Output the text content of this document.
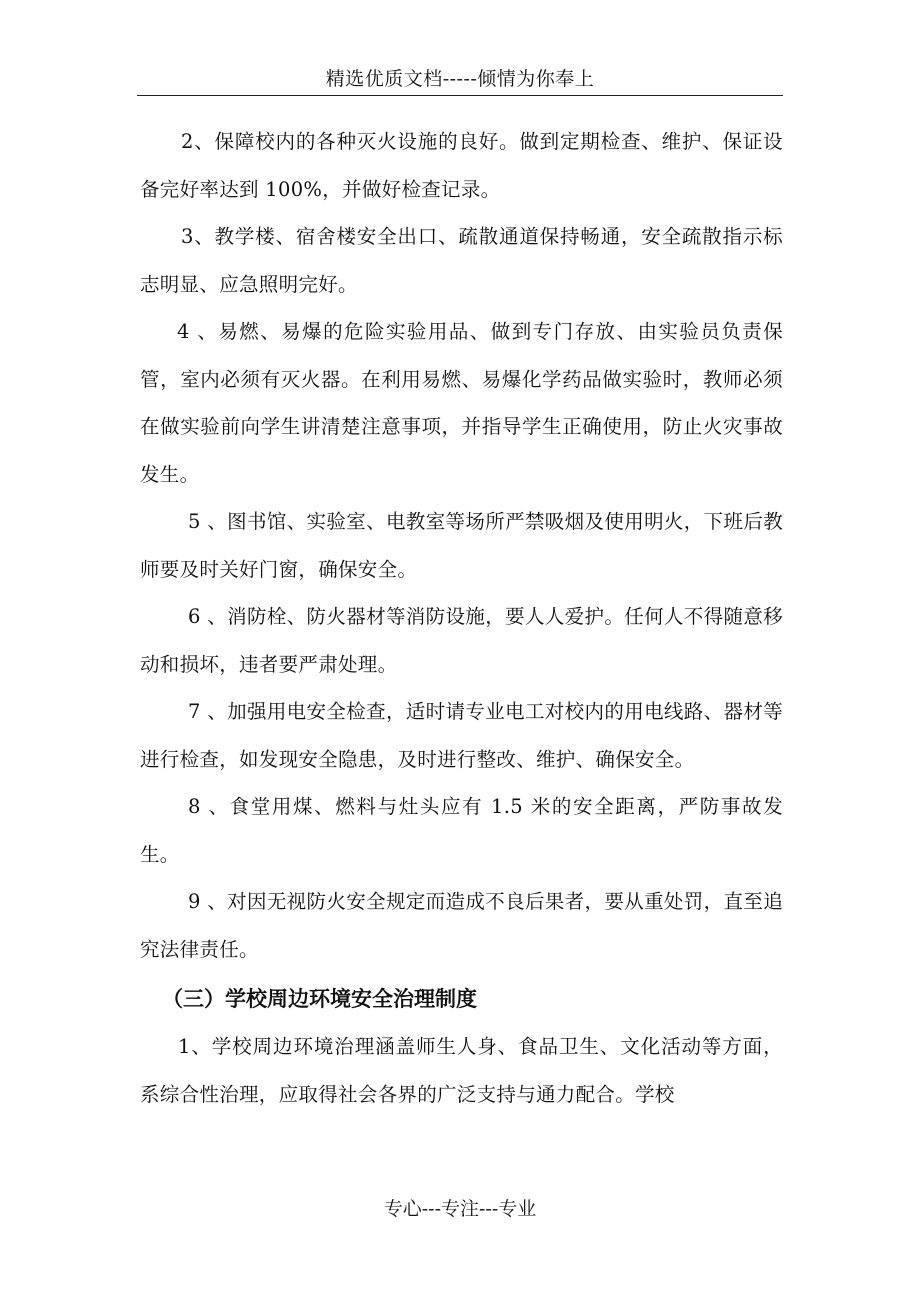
精选优质文档-----倾情为你奉上

2、保障校内的各种灭火设施的良好。做到定期检查、维护、保证设备完好率达到 100%，并做好检查记录。

3、教学楼、宿舍楼安全出口、疏散通道保持畅通，安全疏散指示标志明显、应急照明完好。

4 、易燃、易爆的危险实验用品、做到专门存放、由实验员负责保管，室内必须有灭火器。在利用易燃、易爆化学药品做实验时，教师必须在做实验前向学生讲清楚注意事项，并指导学生正确使用，防止火灾事故发生。

5 、图书馆、实验室、电教室等场所严禁吸烟及使用明火，下班后教师要及时关好门窗，确保安全。

6 、消防栓、防火器材等消防设施，要人人爱护。任何人不得随意移动和损坏，违者要严肃处理。

7 、加强用电安全检查，适时请专业电工对校内的用电线路、器材等进行检查，如发现安全隐患，及时进行整改、维护、确保安全。

8 、食堂用煤、燃料与灶头应有 1.5 米的安全距离，严防事故发生。

9 、对因无视防火安全规定而造成不良后果者，要从重处罚，直至追究法律责任。

（三）学校周边环境安全治理制度

1、学校周边环境治理涵盖师生人身、食品卫生、文化活动等方面，系综合性治理，应取得社会各界的广泛支持与通力配合。学校

专心---专注---专业
